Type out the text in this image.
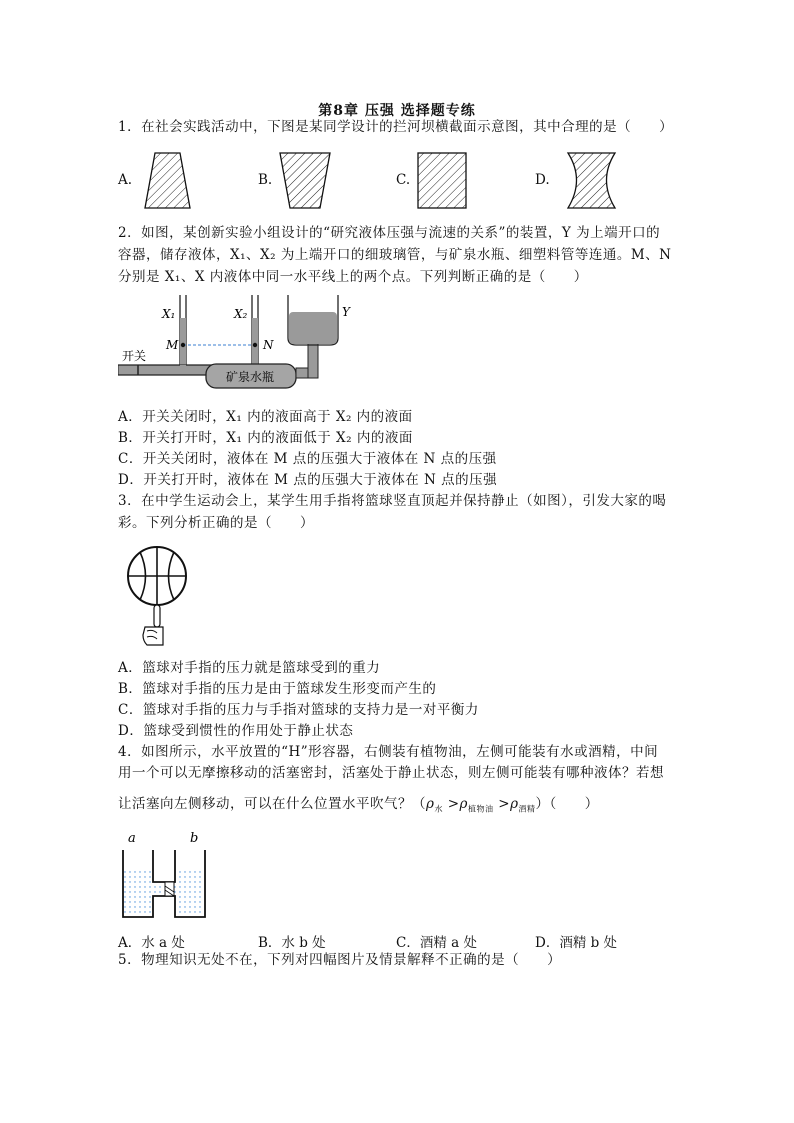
第8章 压强 选择题专练
1．在社会实践活动中，下图是某同学设计的拦河坝横截面示意图，其中合理的是（　　）
A.	B.	C.	D.
2．如图，某创新实验小组设计的“研究液体压强与流速的关系”的装置，Y 为上端开口的
容器，储存液体，X₁、X₂ 为上端开口的细玻璃管，与矿泉水瓶、细塑料管等连通。M、N
分别是 X₁、X 内液体中同一水平线上的两个点。下列判断正确的是（　　）
X₁	X₂	Y
M	N
开关
矿泉水瓶
A．开关关闭时，X₁ 内的液面高于 X₂ 内的液面
B．开关打开时，X₁ 内的液面低于 X₂ 内的液面
C．开关关闭时，液体在 M 点的压强大于液体在 N 点的压强
D．开关打开时，液体在 M 点的压强大于液体在 N 点的压强
3．在中学生运动会上，某学生用手指将篮球竖直顶起并保持静止（如图），引发大家的喝
彩。下列分析正确的是（　　）
A．篮球对手指的压力就是篮球受到的重力
B．篮球对手指的压力是由于篮球发生形变而产生的
C．篮球对手指的压力与手指对篮球的支持力是一对平衡力
D．篮球受到惯性的作用处于静止状态
4．如图所示，水平放置的“H”形容器，右侧装有植物油，左侧可能装有水或酒精，中间
用一个可以无摩擦移动的活塞密封，活塞处于静止状态，则左侧可能装有哪种液体？若想
让活塞向左侧移动，可以在什么位置水平吹气？$(\rho_水 >\rho_{植物油} >\rho_{酒精})$（　　）
a	b
A．水 a 处	B．水 b 处	C．酒精 a 处	D．酒精 b 处
5．物理知识无处不在，下列对四幅图片及情景解释不正确的是（　　）
